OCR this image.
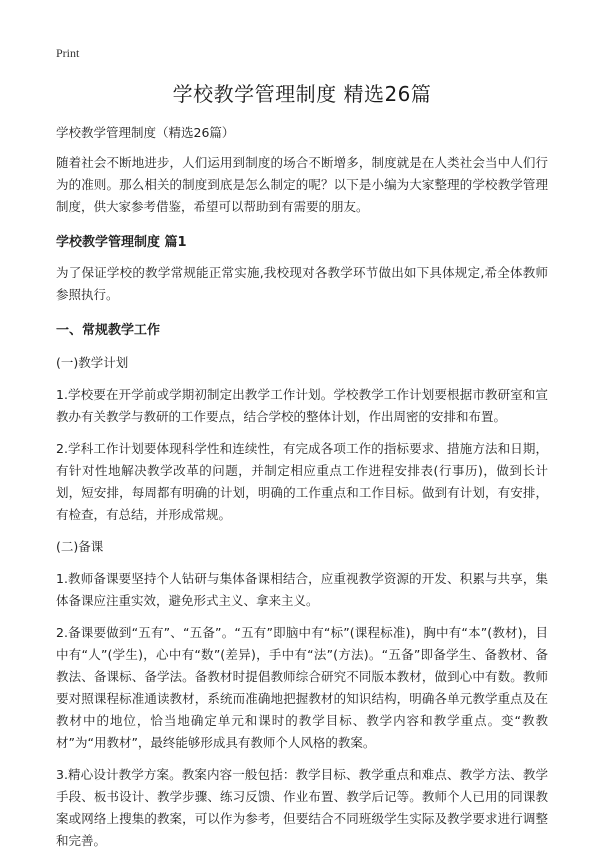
Print
学校教学管理制度 精选26篇

学校教学管理制度（精选26篇）

随着社会不断地进步，人们运用到制度的场合不断增多，制度就是在人类社会当中人们行为的准则。那么相关的制度到底是怎么制定的呢？以下是小编为大家整理的学校教学管理制度，供大家参考借鉴，希望可以帮助到有需要的朋友。

学校教学管理制度 篇1

为了保证学校的教学常规能正常实施,我校现对各教学环节做出如下具体规定,希全体教师参照执行。

一、常规教学工作
(一)教学计划

1.学校要在开学前或学期初制定出教学工作计划。学校教学工作计划要根据市教研室和宣教办有关教学与教研的工作要点，结合学校的整体计划，作出周密的安排和布置。

2.学科工作计划要体现科学性和连续性，有完成各项工作的指标要求、措施方法和日期，有针对性地解决教学改革的问题，并制定相应重点工作进程安排表(行事历)，做到长计划，短安排，每周都有明确的计划，明确的工作重点和工作目标。做到有计划，有安排，有检查，有总结，并形成常规。

(二)备课

1.教师备课要坚持个人钻研与集体备课相结合，应重视教学资源的开发、积累与共享，集体备课应注重实效，避免形式主义、拿来主义。

2.备课要做到“五有”、“五备”。“五有”即脑中有“标”(课程标准)，胸中有“本”(教材)，目中有“人”(学生)，心中有“数”(差异)，手中有“法”(方法)。“五备”即备学生、备教材、备教法、备课标、备学法。备教材时提倡教师综合研究不同版本教材，做到心中有数。教师要对照课程标准通读教材，系统而准确地把握教材的知识结构，明确各单元教学重点及在教材中的地位，恰当地确定单元和课时的教学目标、教学内容和教学重点。变“教教材”为“用教材”，最终能够形成具有教师个人风格的教案。

3.精心设计教学方案。教案内容一般包括：教学目标、教学重点和难点、教学方法、教学手段、板书设计、教学步骤、练习反馈、作业布置、教学后记等。教师个人已用的同课教案或网络上搜集的教案，可以作为参考，但要结合不同班级学生实际及教学要求进行调整和完善。
